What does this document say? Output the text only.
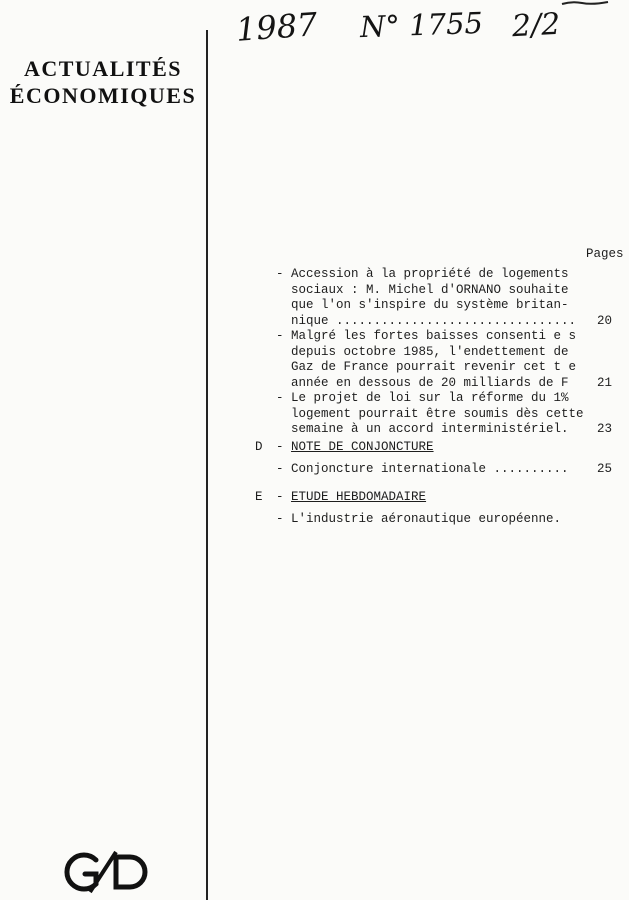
ACTUALITÉS
ÉCONOMIQUES
1987 N° 1755 2/2
Pages
- Accession à la propriété de logements
sociaux : M. Michel d'ORNANO souhaite
que l'on s'inspire du système britan-
nique ................................	20
- Malgré les fortes baisses consenti e s
depuis octobre 1985, l'endettement de
Gaz de France pourrait revenir cet t e
année en dessous de 20 milliards de F	21
- Le projet de loi sur la réforme du 1%
logement pourrait être soumis dès cette
semaine à un accord interministériel.	23
D - NOTE DE CONJONCTURE
- Conjoncture internationale ..........	25
E - ETUDE HEBDOMADAIRE
- L'industrie aéronautique européenne.
